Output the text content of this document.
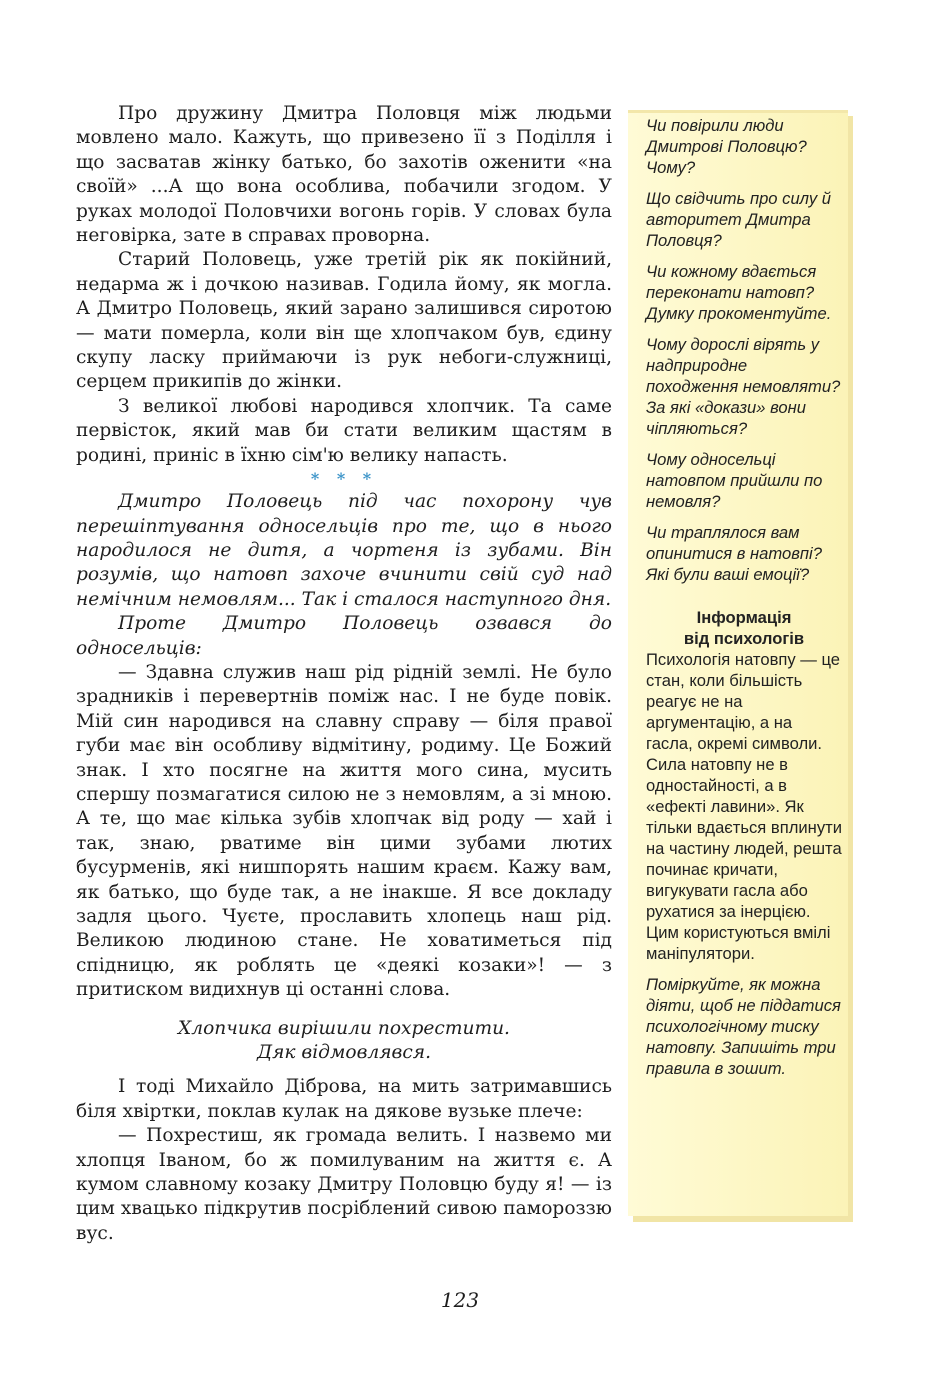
Про дружину Дмитра Половця між людьми мовлено мало. Кажуть, що привезено її з Поділля і що засватав жінку батько, бо захотів оженити «на своїй» ...А що вона особлива, побачили згодом. У руках молодої Половчихи вогонь горів. У словах була неговірка, зате в справах проворна.

Старий Половець, уже третій рік як покійний, недарма ж і дочкою називав. Годила йому, як могла. А Дмитро Половець, який зарано залишився сиротою — мати померла, коли він ще хлопчаком був, єдину скупу ласку приймаючи із рук небоги-служниці, серцем прикипів до жінки.

З великої любові народився хлопчик. Та саме первісток, який мав би стати великим щастям в родині, приніс в їхню сім'ю велику напасть.

* * *

Дмитро Половець під час похорону чув перешіптування односельців про те, що в нього народилося не дитя, а чортеня із зубами. Він розумів, що натовп захоче вчинити свій суд над немічним немовлям... Так і сталося наступного дня.

Проте Дмитро Половець озвався до односельців:

— Здавна служив наш рід рідній землі. Не було зрадників і перевертнів поміж нас. І не буде повік. Мій син народився на славну справу — біля правої губи має він особливу відмітину, родиму. Це Божий знак. І хто посягне на життя мого сина, мусить спершу позмагатися силою не з немовлям, а зі мною. А те, що має кілька зубів хлопчак від роду — хай і так, знаю, рватиме він цими зубами лютих бусурменів, які нишпорять нашим краєм. Кажу вам, як батько, що буде так, а не інакше. Я все докладу задля цього. Чуєте, прославить хлопець наш рід. Великою людиною стане. Не ховатиметься під спідницю, як роблять це «деякі козаки»! — з притиском видихнув ці останні слова.

Хлопчика вирішили похрестити.
Дяк відмовлявся.

І тоді Михайло Діброва, на мить затримавшись біля хвіртки, поклав кулак на дякове вузьке плече:

— Похрестиш, як громада велить. І назвемо ми хлопця Іваном, бо ж помилуваним на життя є. А кумом славному козаку Дмитру Половцю буду я! — із цим хвацько підкрутив посріблений сивою памороззю вус.

Чи повірили люди Дмитрові Половцю? Чому?

Що свідчить про силу й авторитет Дмитра Половця?

Чи кожному вдається переконати натовп? Думку прокоментуйте.

Чому дорослі вірять у надприродне походження немовляти? За які «докази» вони чіпляються?

Чому односельці натовпом прийшли по немовля?

Чи траплялося вам опинитися в натовпі? Які були ваші емоції?

Інформація
від психологів

Психологія натовпу — це стан, коли більшість реагує не на аргументацію, а на гасла, окремі символи. Сила натовпу не в одностайності, а в «ефекті лавини». Як тільки вдається вплинути на частину людей, решта починає кричати, вигукувати гасла або рухатися за інерцією. Цим користуються вмілі маніпулятори.

Поміркуйте, як можна діяти, щоб не піддатися психологічному тиску натовпу. Запишіть три правила в зошит.

123
